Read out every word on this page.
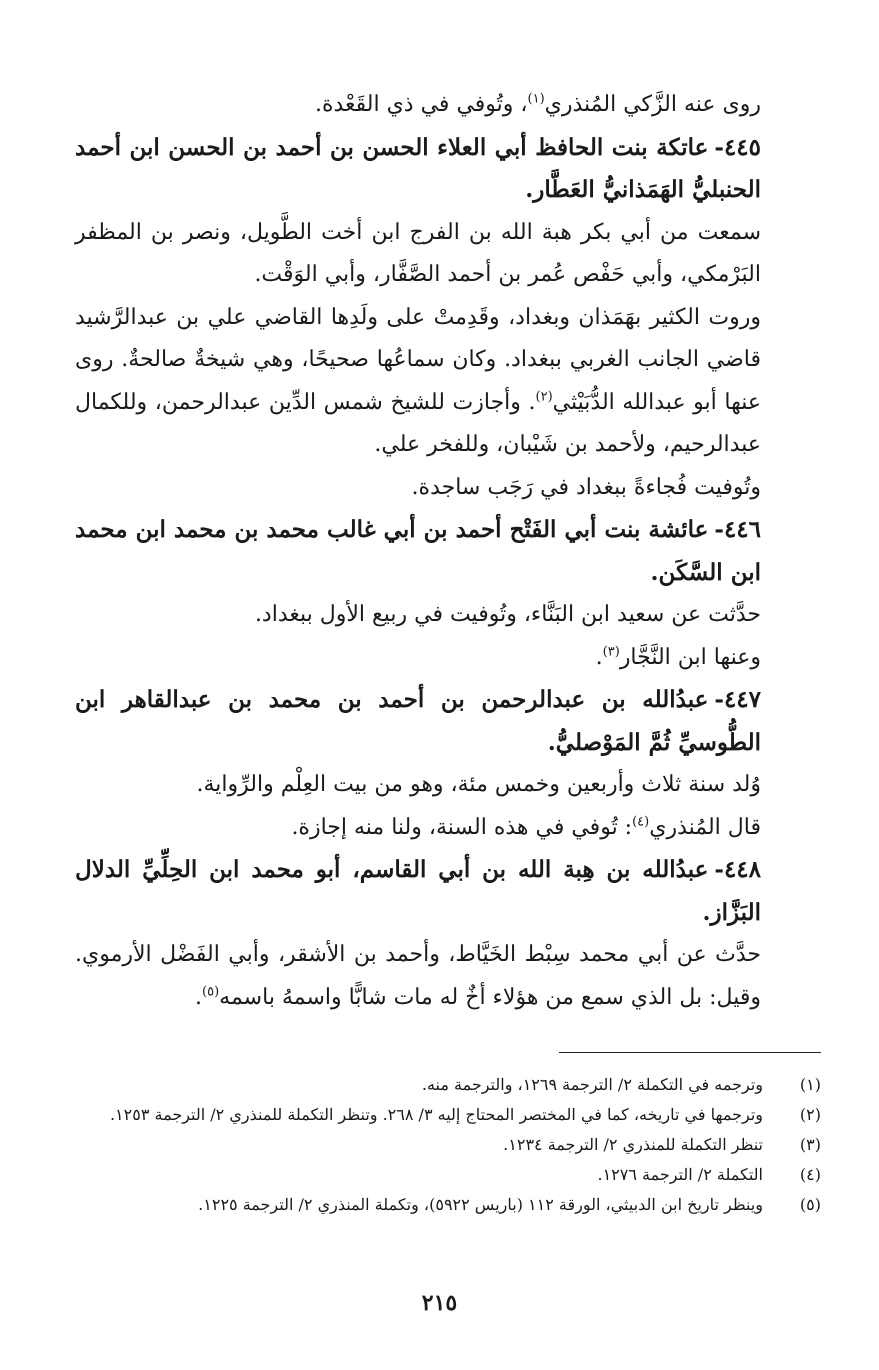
روى عنه الزَّكي المُنذري$^{(١)}$، وتُوفي في ذي القَعْدة.

٤٤٥-عاتكة بنت الحافظ أبي العلاء الحسن بن أحمد بن الحسن ابن أحمد الحنبليُّ الهَمَذانيُّ العَطَّار.

سمعت من أبي بكر هبة الله بن الفرج ابن أخت الطَّويل، ونصر بن المظفر البَرْمكي، وأبي حَفْص عُمر بن أحمد الصَّفَّار، وأبي الوَقْت.

وروت الكثير بهَمَذان وبغداد، وقَدِمتْ على ولَدِها القاضي علي بن عبدالرَّشيد قاضي الجانب الغربي ببغداد. وكان سماعُها صحيحًا، وهي شيخةٌ صالحةٌ. روى عنها أبو عبدالله الدُّبَيْثي$^{(٢)}$. وأجازت للشيخ شمس الدِّين عبدالرحمن، وللكمال عبدالرحيم، ولأحمد بن شَيْبان، وللفخر علي.

وتُوفيت فُجاءةً ببغداد في رَجَب ساجدة.

٤٤٦-عائشة بنت أبي الفَتْح أحمد بن أبي غالب محمد بن محمد ابن محمد ابن السَّكَن.

حدَّثت عن سعيد ابن البَنَّاء، وتُوفيت في ربيع الأول ببغداد.

وعنها ابن النَّجَّار$^{(٣)}$.

٤٤٧-عبدُالله بن عبدالرحمن بن أحمد بن محمد بن عبدالقاهر ابن الطُّوسيِّ ثُمَّ المَوْصليُّ.

وُلد سنة ثلاث وأربعين وخمس مئة، وهو من بيت العِلْم والرِّواية.

قال المُنذري$^{(٤)}$: تُوفي في هذه السنة، ولنا منه إجازة.

٤٤٨-عبدُالله بن هِبة الله بن أبي القاسم، أبو محمد ابن الحِلِّيِّ الدلال البَزَّاز.

حدَّث عن أبي محمد سِبْط الخَيَّاط، وأحمد بن الأشقر، وأبي الفَضْل الأرموي. وقيل: بل الذي سمع من هؤلاء أخٌ له مات شابًّا واسمهُ باسمه$^{(٥)}$.

(١)
وترجمه في التكملة ٢/ الترجمة ١٢٦٩، والترجمة منه.
(٢)
وترجمها في تاريخه، كما في المختصر المحتاج إليه ٣/ ٢٦٨. وتنظر التكملة للمنذري ٢/ الترجمة ١٢٥٣.
(٣)
تنظر التكملة للمنذري ٢/ الترجمة ١٢٣٤.
(٤)
التكملة ٢/ الترجمة ١٢٧٦.
(٥)
وينظر تاريخ ابن الدبيثي، الورقة ١١٢ (باريس ٥٩٢٢)، وتكملة المنذري ٢/ الترجمة ١٢٢٥.
٢١٥
